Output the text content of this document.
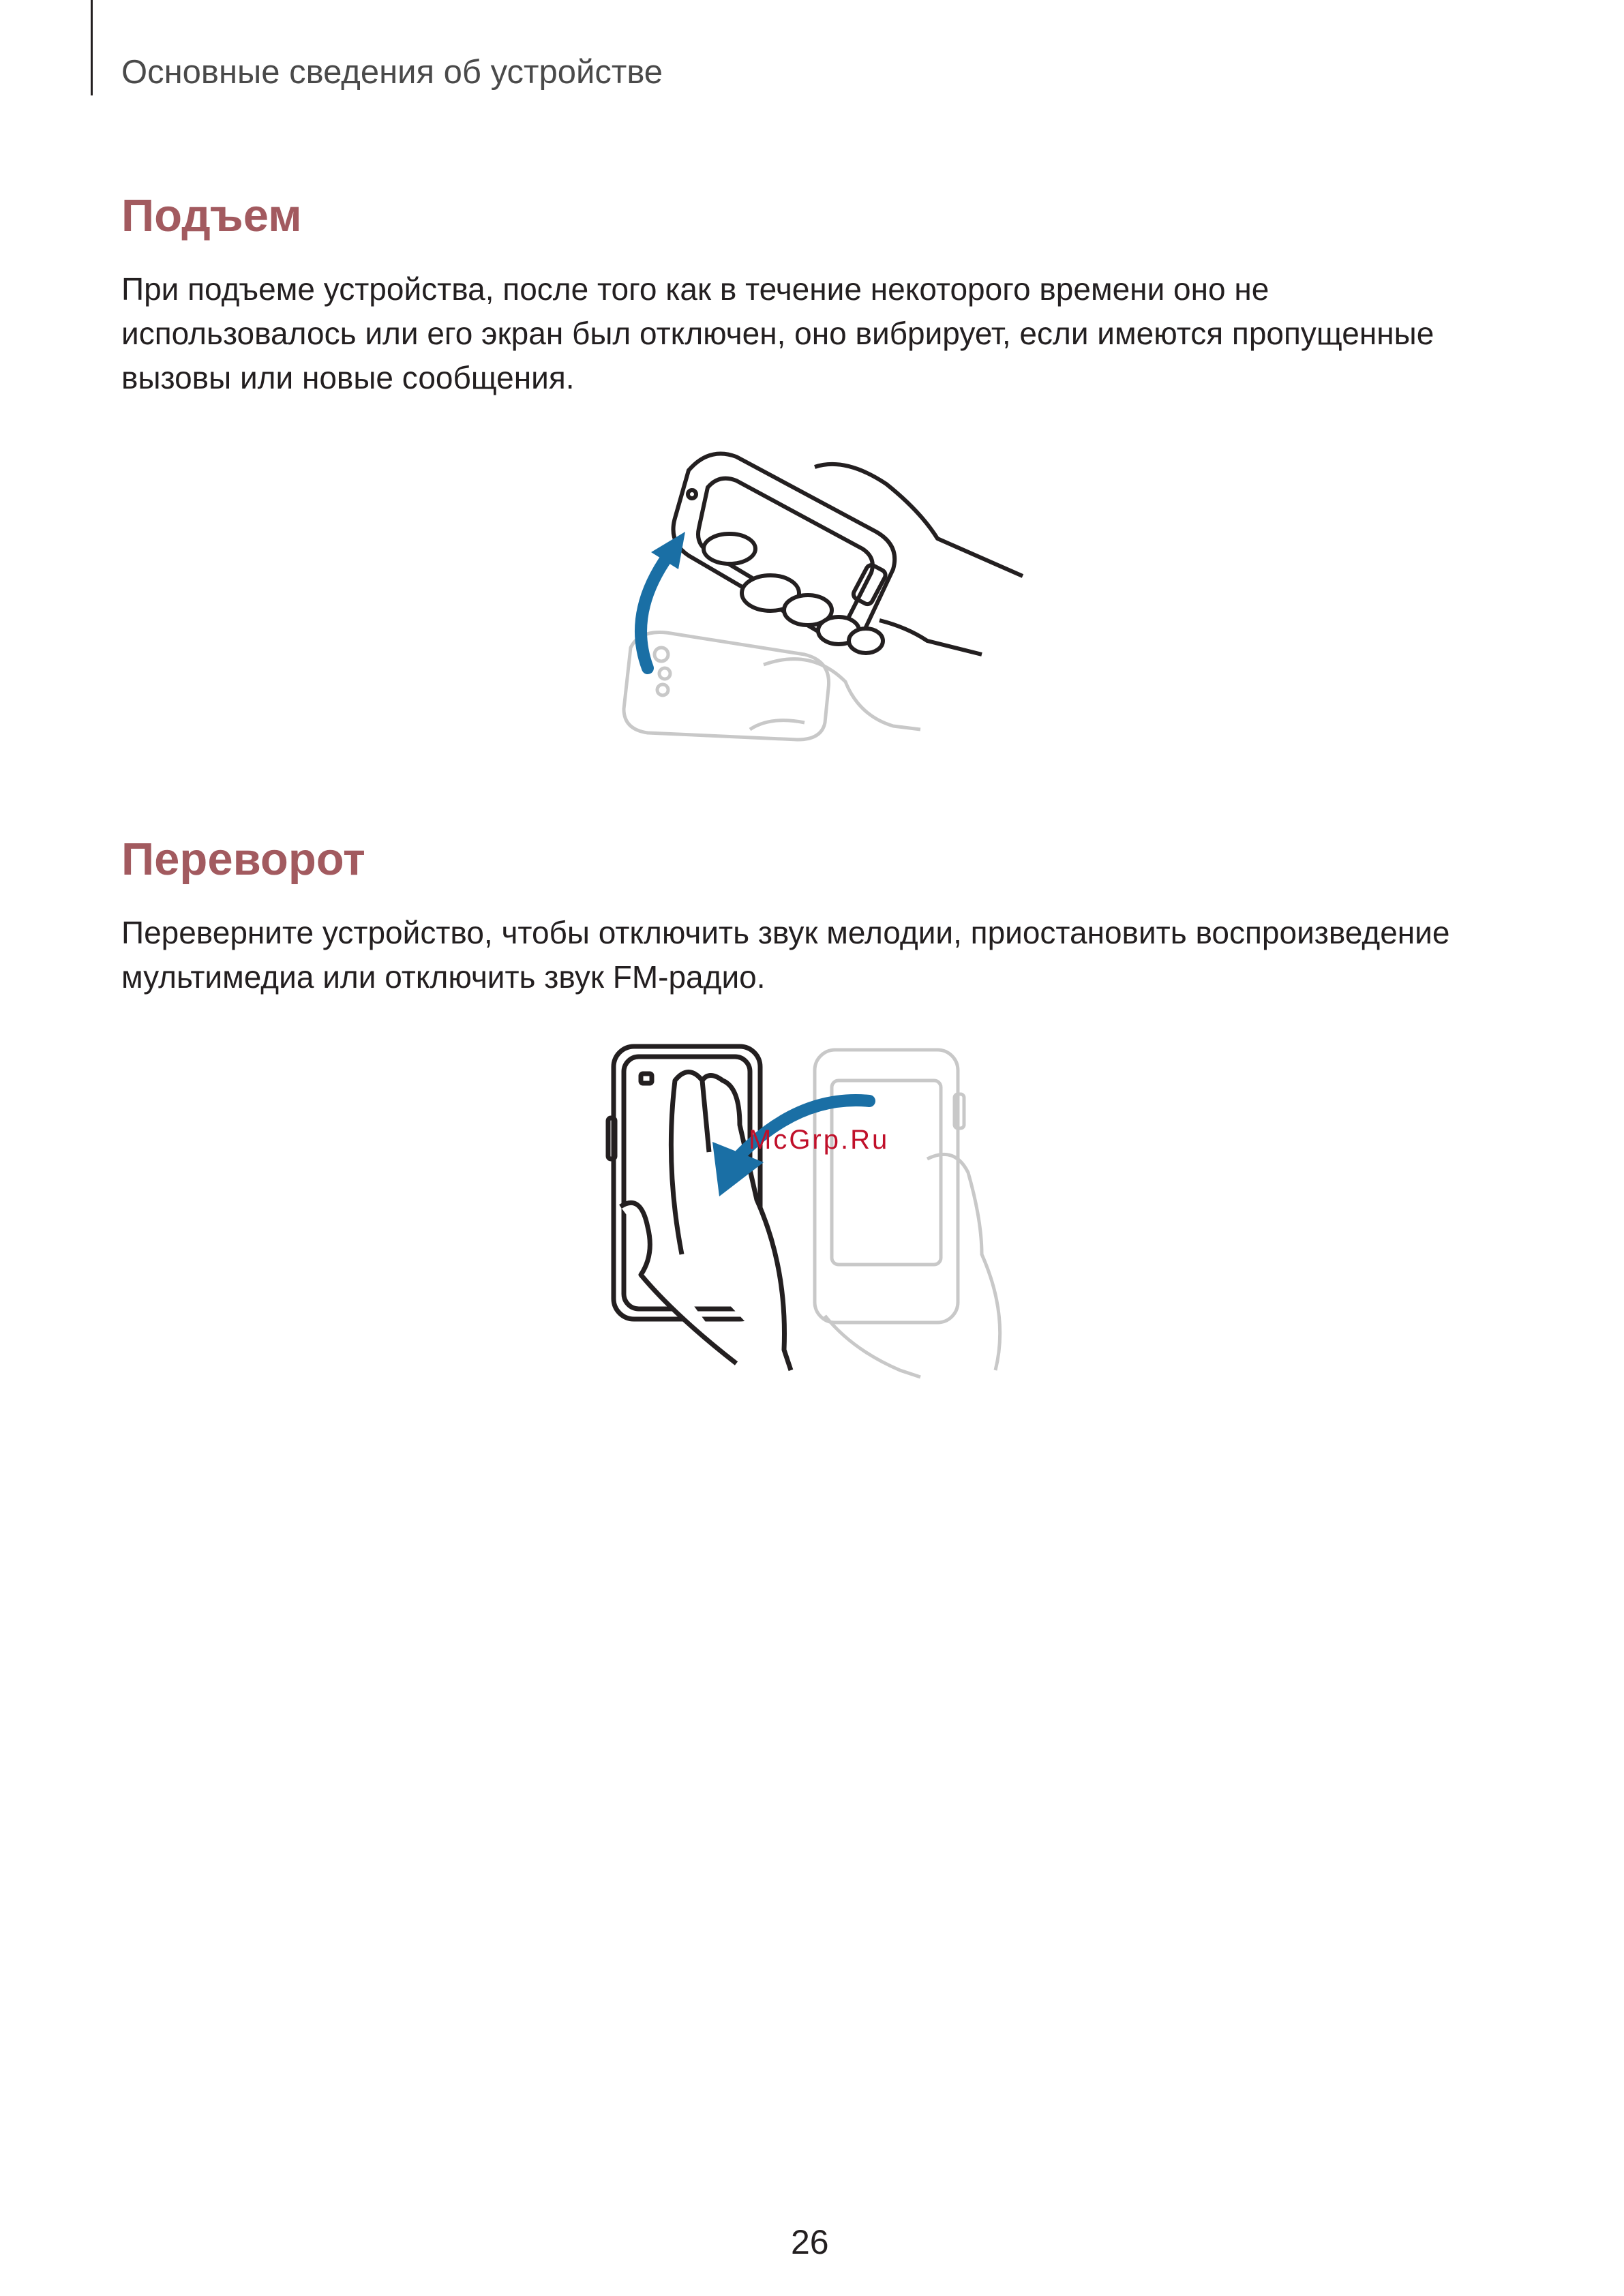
Основные сведения об устройстве
Подъем
При подъеме устройства, после того как в течение некоторого времени оно не использовалось или его экран был отключен, оно вибрирует, если имеются пропущенные вызовы или новые сообщения.
Переворот
Переверните устройство, чтобы отключить звук мелодии, приостановить воспроизведение мультимедиа или отключить звук FM-радио.
McGrp.Ru
26
